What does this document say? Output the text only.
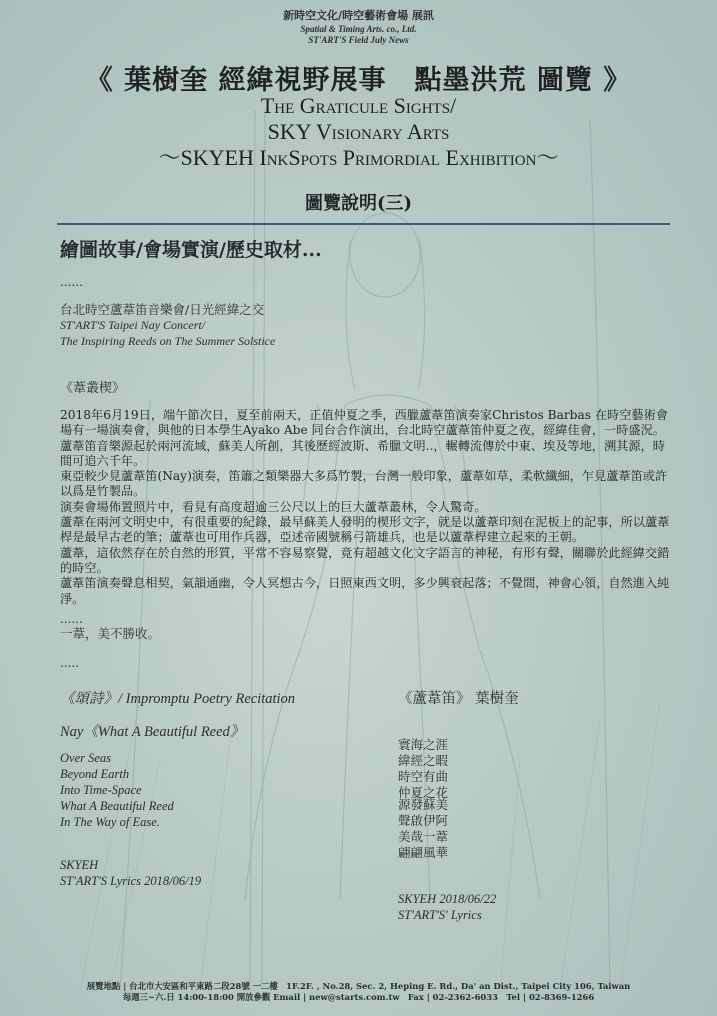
新時空文化/時空藝術會場 展訊
Spatial & Timing Arts. co., Ltd.
ST'ART'S Field July News
《 葉樹奎 經緯視野展事　點墨洪荒 圖覽 》
The Graticule Sights/
SKY Visionary Arts
～SKYEH InkSpots Primordial Exhibition～
圖覽說明(三)
繪圖故事/會場實演/歷史取材...
......
台北時空蘆葦笛音樂會/日光經緯之交
ST'ART'S Taipei Nay Concert/
The Inspiring Reeds on The Summer Solstice
《葦叢楔》

2018年6月19日，端午節次日，夏至前兩天，正值仲夏之季，西臘蘆葦笛演奏家Christos Barbas 在時空藝術會場有一場演奏會，與他的日本學生Ayako Abe 同台合作演出，台北時空蘆葦笛仲夏之夜，經緯佳會，一時盛況。

蘆葦笛音樂源起於兩河流域，蘇美人所創，其後歷經波斯、希臘文明..，輾轉流傳於中東、埃及等地，溯其源，時間可追六千年。

東亞較少見蘆葦笛(Nay)演奏，笛簫之類樂器大多爲竹製，台灣一般印象，蘆葦如草，柔軟纖細，乍見蘆葦笛或許以爲是竹製品。

演奏會場佈置照片中，看見有高度超逾三公尺以上的巨大蘆葦叢林，令人驚奇。

蘆葦在兩河文明史中，有很重要的紀錄，最早蘇美人發明的楔形文字，就是以蘆葦印刻在泥板上的記事，所以蘆葦桿是最早古老的筆；蘆葦也可用作兵器，亞述帝國號稱弓箭雄兵，也是以蘆葦桿建立起來的王朝。

蘆葦，這依然存在於自然的形質，平常不容易察覺，竟有超越文化文字語言的神秘，有形有聲，關聯於此經緯交錯的時空。

蘆葦笛演奏聲息相契，氣韻通幽，令人冥想古今，日照東西文明，多少興衰起落；不覺間，神會心領，自然進入純淨。

......
一葦，美不勝收。
.....
《頌詩》/ Impromptu Poetry Recitation
Nay《What A Beautiful Reed》
Over Seas
Beyond Earth
Into Time-Space
What A Beautiful Reed
In The Way of Ease.
SKYEH
ST'ART'S Lyrics 2018/06/19
《蘆葦笛》 葉樹奎
寰海之涯
緯經之暇
時空有曲
仲夏之花
源發蘇美
聲啟伊阿
美哉一葦
翩翩風華
SKYEH 2018/06/22
ST'ART'S' Lyrics
展覽地點 | 台北市大安區和平東路二段28號 一二樓　1F.2F. , No.28, Sec. 2, Heping E. Rd., Da' an Dist., Taipei City 106, Taiwan
每週三~六.日 14:00-18:00 開放參觀 Email | new@starts.com.tw　Fax | 02-2362-6033　Tel | 02-8369-1266
